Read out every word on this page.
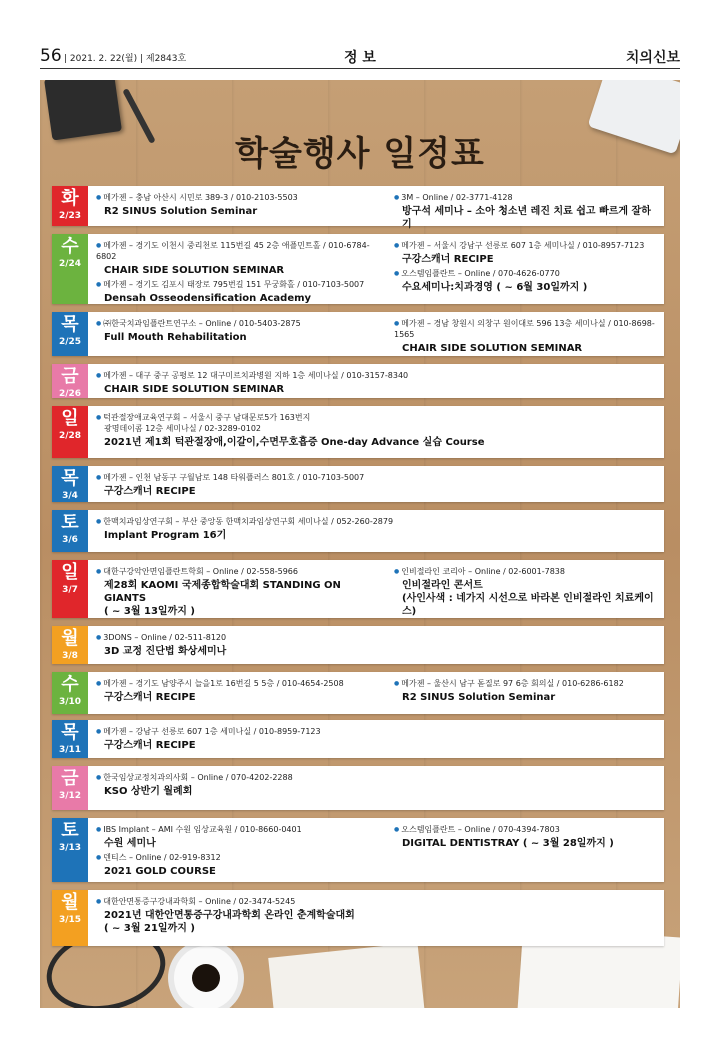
56 | 2021. 2. 22(월) | 제2843호	정 보	치의신보
학술행사 일정표
화
2/23
● 메가젠 – 충남 아산시 시민로 389-3 / 010-2103-5503
R2 SINUS Solution Seminar
● 3M – Online / 02-3771-4128
방구석 세미나 – 소아 청소년 레진 치료 쉽고 빠르게 잘하기
수
2/24
● 메가젠 – 경기도 이천시 중리천로 115번길 45 2층 애플민트홀 / 010-6784-6802
CHAIR SIDE SOLUTION SEMINAR
● 메가젠 – 경기도 김포시 태장로 795번길 151 무궁화홀 / 010-7103-5007
Densah Osseodensification Academy
● 메가젠 – 서울시 강남구 선릉로 607 1층 세미나실 / 010-8957-7123
구강스캐너 RECIPE
● 오스템임플란트 – Online / 070-4626-0770
수요세미나:치과경영 ( ~ 6월 30일까지 )
목
2/25
● ㈜한국치과임플란트연구소 – Online / 010-5403-2875
Full Mouth Rehabilitation
● 메가젠 – 경남 창원시 의창구 원이대로 596 13층 세미나실 / 010-8698-1565
CHAIR SIDE SOLUTION SEMINAR
금
2/26
● 메가젠 – 대구 중구 공평로 12 대구미르치과병원 지하 1층 세미나실 / 010-3157-8340
CHAIR SIDE SOLUTION SEMINAR
일
2/28
● 턱관절장애교육연구회 – 서울시 중구 남대문로5가 163번지
광명데이콤 12층 세미나실 / 02-3289-0102
2021년 제1회 턱관절장애,이갈이,수면무호흡증 One-day Advance 실습 Course
목
3/4
● 메가젠 – 인천 남동구 구월남로 148 타워플러스 801호 / 010-7103-5007
구강스캐너 RECIPE
토
3/6
● 한맥치과임상연구회 – 부산 중앙동 한맥치과임상연구회 세미나실 / 052-260-2879
Implant Program 16기
일
3/7
● 대한구강악안면임플란트학회 – Online / 02-558-5966
제28회 KAOMI 국제종합학술대회 STANDING ON GIANTS
( ~ 3월 13일까지 )
● 인비절라인 코리아 – Online / 02-6001-7838
인비절라인 콘서트
(사인사색 : 네가지 시선으로 바라본 인비절라인 치료케이스)
월
3/8
● 3DONS – Online / 02-511-8120
3D 교정 진단법 화상세미나
수
3/10
● 메가젠 – 경기도 남양주시 늘을1로 16번길 5 5층 / 010-4654-2508
구강스캐너 RECIPE
● 메가젠 – 울산시 남구 돋질로 97 6층 회의실 / 010-6286-6182
R2 SINUS Solution Seminar
목
3/11
● 메가젠 – 강남구 선릉로 607 1층 세미나실 / 010-8959-7123
구강스캐너 RECIPE
금
3/12
● 한국임상교정치과의사회 – Online / 070-4202-2288
KSO 상반기 월례회
토
3/13
● IBS Implant – AMI 수원 임상교육원 / 010-8660-0401
수원 세미나
● 덴티스 – Online / 02-919-8312
2021 GOLD COURSE
● 오스템임플란트 – Online / 070-4394-7803
DIGITAL DENTISTRAY ( ~ 3월 28일까지 )
월
3/15
● 대한안면통증구강내과학회 – Online / 02-3474-5245
2021년 대한안면통증구강내과학회 온라인 춘계학술대회
( ~ 3월 21일까지 )
